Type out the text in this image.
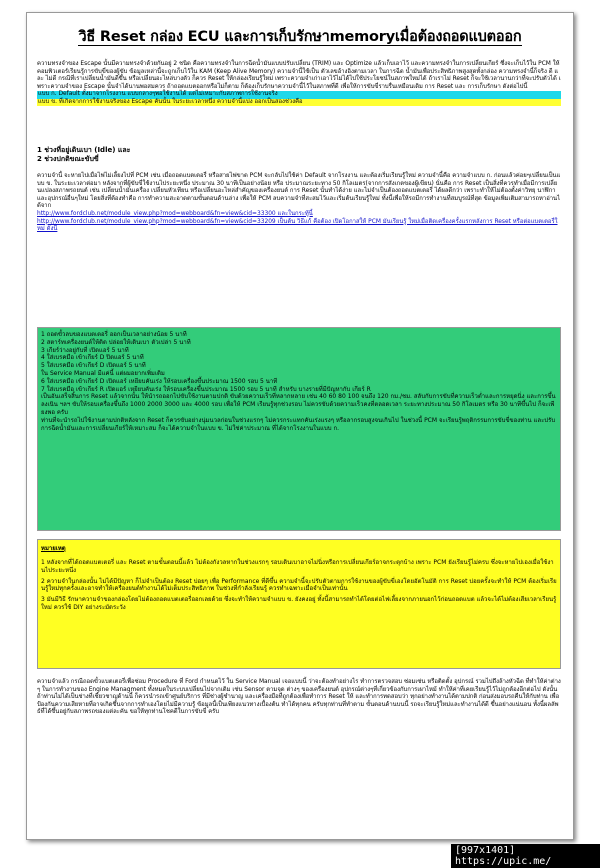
วิธี Reset กล่อง ECU และการเก็บรักษาmemoryเมื่อต้องถอดแบตออก

ความทรงจำของ Escape นั้นมีความทรงจำด้วยกันอยู่ 2 ชนิด คือความทรงจำในการฉีดน้ำมันแบบปรับเปลี่ยน (TRIM) และ Optimize แล้วเก็บเอาไว้ และความทรงจำในการเปลี่ยนเกียร์ ซึ่งจะเก็บไว้ใน PCM ให้คอมพิวเตอร์เรียนรู้การขับขี่ของผู้ขับ ข้อมูลเหล่านี้จะถูกเก็บไว้ใน KAM (Keep Alive Memory) ความจำนี้ใช้เป็น ตัวเลขอ้างอิงตามเวลา ในการฉีด น้ำมันเพื่อประสิทธิภาพสูงสุดทั้งกล่อง ความทรงจำนี้ก็จริง ดี และ ไม่ดี กรณีที่เราเปลี่ยนน้ำมันดีขึ้น หรือเปลี่ยนอะไหล่บางตัว ก็ควร Reset ให้กล่องเรียนรู้ใหม่ เพราะความจำเก่าเอาไว้ไม่ได้ไปใช้ประโยชน์ในสภาพใหม่ได้ ถ้าเราไม่ Reset ก็จะใช้เวลานานกว่าที่จะปรับตัวได้ เพราะความจำของ Escape นั้นจำได้นานพอสมควร ถ้าถอดแบตออกหรือไม่ก็ตาม ก็ต้องเก็บรักษาความจำนี้ไว้ในสภาพที่ดี เพื่อให้การขับขี่ราบรื่นเหมือนเดิม การ Reset และ การเก็บรักษา ดังต่อไปนี้

แบบ ก. Default ตั้งมาจากโรงงาน แบบกลางๆพอใช้งานได้ แต่ไม่เหมาะกับสภาพการใช้งานจริง
แบบ ข. ที่เกิดจากการใช้งานจริงของ Escape คันนั้น ในระยะเวลาหนึ่ง ความจำนี้แบ่ง ออกเป็นสองช่วงคือ
1 ช่วงที่อยู่เดินเบา (Idle) และ
2 ช่วงปกติขณะขับขี่

ความจำนี้ จะหายไปเมื่อไฟไม่เลี้ยงไปที่ PCM เช่น เมื่อถอดแบตเตอรี่ หรือสายไฟขาด PCM จะกลับไปใช้ค่า Default จากโรงงาน และต้องเริ่มเรียนรู้ใหม่ ความจำนี้คือ ความจำแบบ ก. ก่อนแล้วค่อยๆเปลี่ยนเป็นแบบ ข. ในระยะเวลาต่อมา หลังจากที่ผู้ขับขี่ใช้งานไประยะหนึ่ง ประมาณ 30 นาทีเป็นอย่างน้อย หรือ ประมาณระยะทาง 50 กิโลเมตร(จากการสังเกตของผู้เขียน) นั่นคือ การ Reset เป็นสิ่งที่ควรทำเมื่อมีการเปลี่ยนแปลงสภาพรถยนต์ เช่น เปลี่ยนน้ำมันเครื่อง เปลี่ยนหัวเทียน หรือเปลี่ยนอะไหล่สำคัญของเครื่องยนต์ การ Reset นั้นทำได้ง่าย และไม่จำเป็นต้องถอดแบตเตอรี่ ได้ผลดีกว่า เพราะทำให้ไม่ต้องตั้งค่าวิทยุ นาฬิกา และอุปกรณ์อื่นๆใหม่ โดยสิ่งที่ต้องทำคือ การทำความสะอาดตามขั้นตอนด้านล่าง เพื่อให้ PCM ลบความจำที่สะสมไว้และเริ่มต้นเรียนรู้ใหม่ ทั้งนี้เพื่อให้รถมีการทำงานที่สมบูรณ์ที่สุด ข้อมูลเพิ่มเติมสามารถหาอ่านได้จาก

http://www.fordclub.net/module_view.php?mod=webboard&fn=view&cid=33300 และในกระทู้นี้
http://www.fordclub.net/module_view.php?mod=webboard&fn=view&cid=33209 เป็นต้น วิธีแก้ คือต้อง เปิดโอกาสให้ PCM มันเรียนรู้ ใหม่เมื่อติดเครื่องครั้งแรกหลังการ Reset หรือต่อแบตเตอรี่ใหม่ ดังนี้
1 ถอดขั้วลบของแบตเตอรี่ ออกเป็นเวลาอย่างน้อย 5 นาที
2 สตาร์ทเครื่องยนต์ให้ติด ปล่อยให้เดินเบา ตัวเปล่า 5 นาที
3 เกียร์ว่างอยู่กับที่ เปิดแอร์ 5 นาที
4 ใส่เบรคมือ เข้าเกียร์ D ปิดแอร์ 5 นาที
5 ใส่เบรคมือ เข้าเกียร์ D เปิดแอร์ 5 นาที
ใน Service Manual มีแค่นี้ แต่ผมอยากเพิ่มเติม
6 ใส่เบรคมือ เข้าเกียร์ D เปิดแอร์ เหยียบคันเร่ง ให้รอบเครื่องขึ้นประมาณ 1500 รอบ 5 นาที
7 ใส่เบรคมือ เข้าเกียร์ R เปิดแอร์ เหยียบคันเร่ง ให้รอบเครื่องขึ้นประมาณ 1500 รอบ 5 นาที สำหรับ บางรายที่มีปัญหากับ เกียร์ R
เป็นอันเสร็จสิ้นการ Reset แล้วจากนั้น ให้นำรถออกไปขับใช้งานตามปกติ ขับด้วยความเร็วที่หลากหลาย เช่น 40 60 80 100 จนถึง 120 กม./ชม. สลับกับการขับที่ความเร็วต่ำและการหยุดนิ่ง และการขึ้นลงเนิน ฯลฯ ขับให้รอบเครื่องขึ้นถึง 1000 2000 3000 และ 4000 รอบ เพื่อให้ PCM เรียนรู้ทุกช่วงรอบ ไม่ควรขับด้วยความเร็วคงที่ตลอดเวลา ระยะทางประมาณ 50 กิโลเมตร หรือ 30 นาทีขึ้นไป ก็จะเพียงพอ ครับ
ท่านที่จะนำรถไปใช้งานตามปกติหลังจาก Reset ก็ควรขับอย่างนุ่มนวลก่อนในช่วงแรกๆ ไม่ควรกระแทกคันเร่งแรงๆ หรือลากรอบสูงจนเกินไป ในช่วงนี้ PCM จะเรียนรู้พฤติกรรมการขับขี่ของท่าน และปรับการฉีดน้ำมันและการเปลี่ยนเกียร์ให้เหมาะสม ก็จะได้ความจำในแบบ ข. ไม่ใช่ค่าประมาณ ที่ได้จากโรงงานในแบบ ก.
หมายเหตุ
1 หลังจากที่ได้ถอดแบตเตอรี่ และ Reset ตามขั้นตอนนี้แล้ว ไม่ต้องกังวลหากในช่วงแรกๆ รอบเดินเบาอาจไม่นิ่งหรือการเปลี่ยนเกียร์อาจกระตุกบ้าง เพราะ PCM ยังเรียนรู้ไม่ครบ ซึ่งจะหายไปเองเมื่อใช้งานไประยะหนึ่ง
2 ความจำในกล่องนั้น ไม่ได้มีปัญหา ก็ไม่จำเป็นต้อง Reset บ่อยๆ เพื่อ Performance ที่ดีขึ้น ความจำนี้จะปรับตัวตามการใช้งานของผู้ขับขี่เองโดยอัตโนมัติ การ Reset บ่อยครั้งจะทำให้ PCM ต้องเริ่มเรียนรู้ใหม่ทุกครั้งและอาจทำให้เครื่องยนต์ทำงานได้ไม่เต็มประสิทธิภาพ ในช่วงที่กำลังเรียนรู้ ควรทำเฉพาะเมื่อจำเป็นเท่านั้น
3 มันมีวิธี รักษาความจำของกล่องโดยไม่ต้องถอดแบตเตอรี่ออกเลยด้วย ซึ่งจะทำให้ความจำแบบ ข. ยังคงอยู่ ทั้งนี้สามารถทำได้โดยต่อไฟเลี้ยงจากภายนอกไว้ก่อนถอดแบต แล้วจะได้ไม่ต้องเสียเวลาเรียนรู้ใหม่ ควรใช้ DIY อย่างระมัดระวัง

ความจำแล้ว กรณีถอดขั้วแบตเตอรี่เพื่อซ่อม Procedure ที่ Ford กำหนดไว้ ใน Service Manual เจอแบบนี้ ว่าจะต้องทำอย่างไร ทำการตรวจสอบ ซ่อมเซ่น หรือติดตั้ง อุปกรณ์ รวมไปถึงล้างหัวฉีด ที่ทำให้ค่าต่างๆ ในการทำงานของ Engine Managment ทั้งหมดในระบบเปลี่ยนไปจากเดิม เช่น Sensor ตามจุด ต่างๆ ของเครื่องยนต์ อุปกรณ์ต่างๆที่เกี่ยวข้องกับการเผาไหม้ ทำให้ค่าที่เคยเรียนรู้ไว้ไม่ถูกต้องอีกต่อไป ดังนั้น ถ้าท่านไม่ได้เป็นช่างที่เชี่ยวชาญด้านนี้ ก็ควรนำรถเข้าศูนย์บริการ ที่มีช่างผู้ชำนาญ และเครื่องมือที่ถูกต้องเพื่อทำการ Reset ให้ และทำการทดสอบว่า ทุกอย่างทำงานได้ตามปกติ ก่อนส่งมอบรถคืนให้กับท่าน เพื่อป้องกันความเสียหายที่อาจเกิดขึ้นจากการทำเองโดยไม่มีความรู้ ข้อมูลนี้เป็นเพียงแนวทางเบื้องต้น ทำได้ทุกคน ครับทุกท่านที่ทำตาม ขั้นตอนด้านบนนี้ รถจะเรียนรู้ใหม่และทำงานได้ดี ขึ้นอย่างแน่นอน ทั้งนี้ผลลัพธ์ที่ได้ขึ้นอยู่กับสภาพรถของแต่ละคัน ขอให้ทุกท่านโชคดีในการขับขี่ ครับ

[997x1401] https://upic.me/
